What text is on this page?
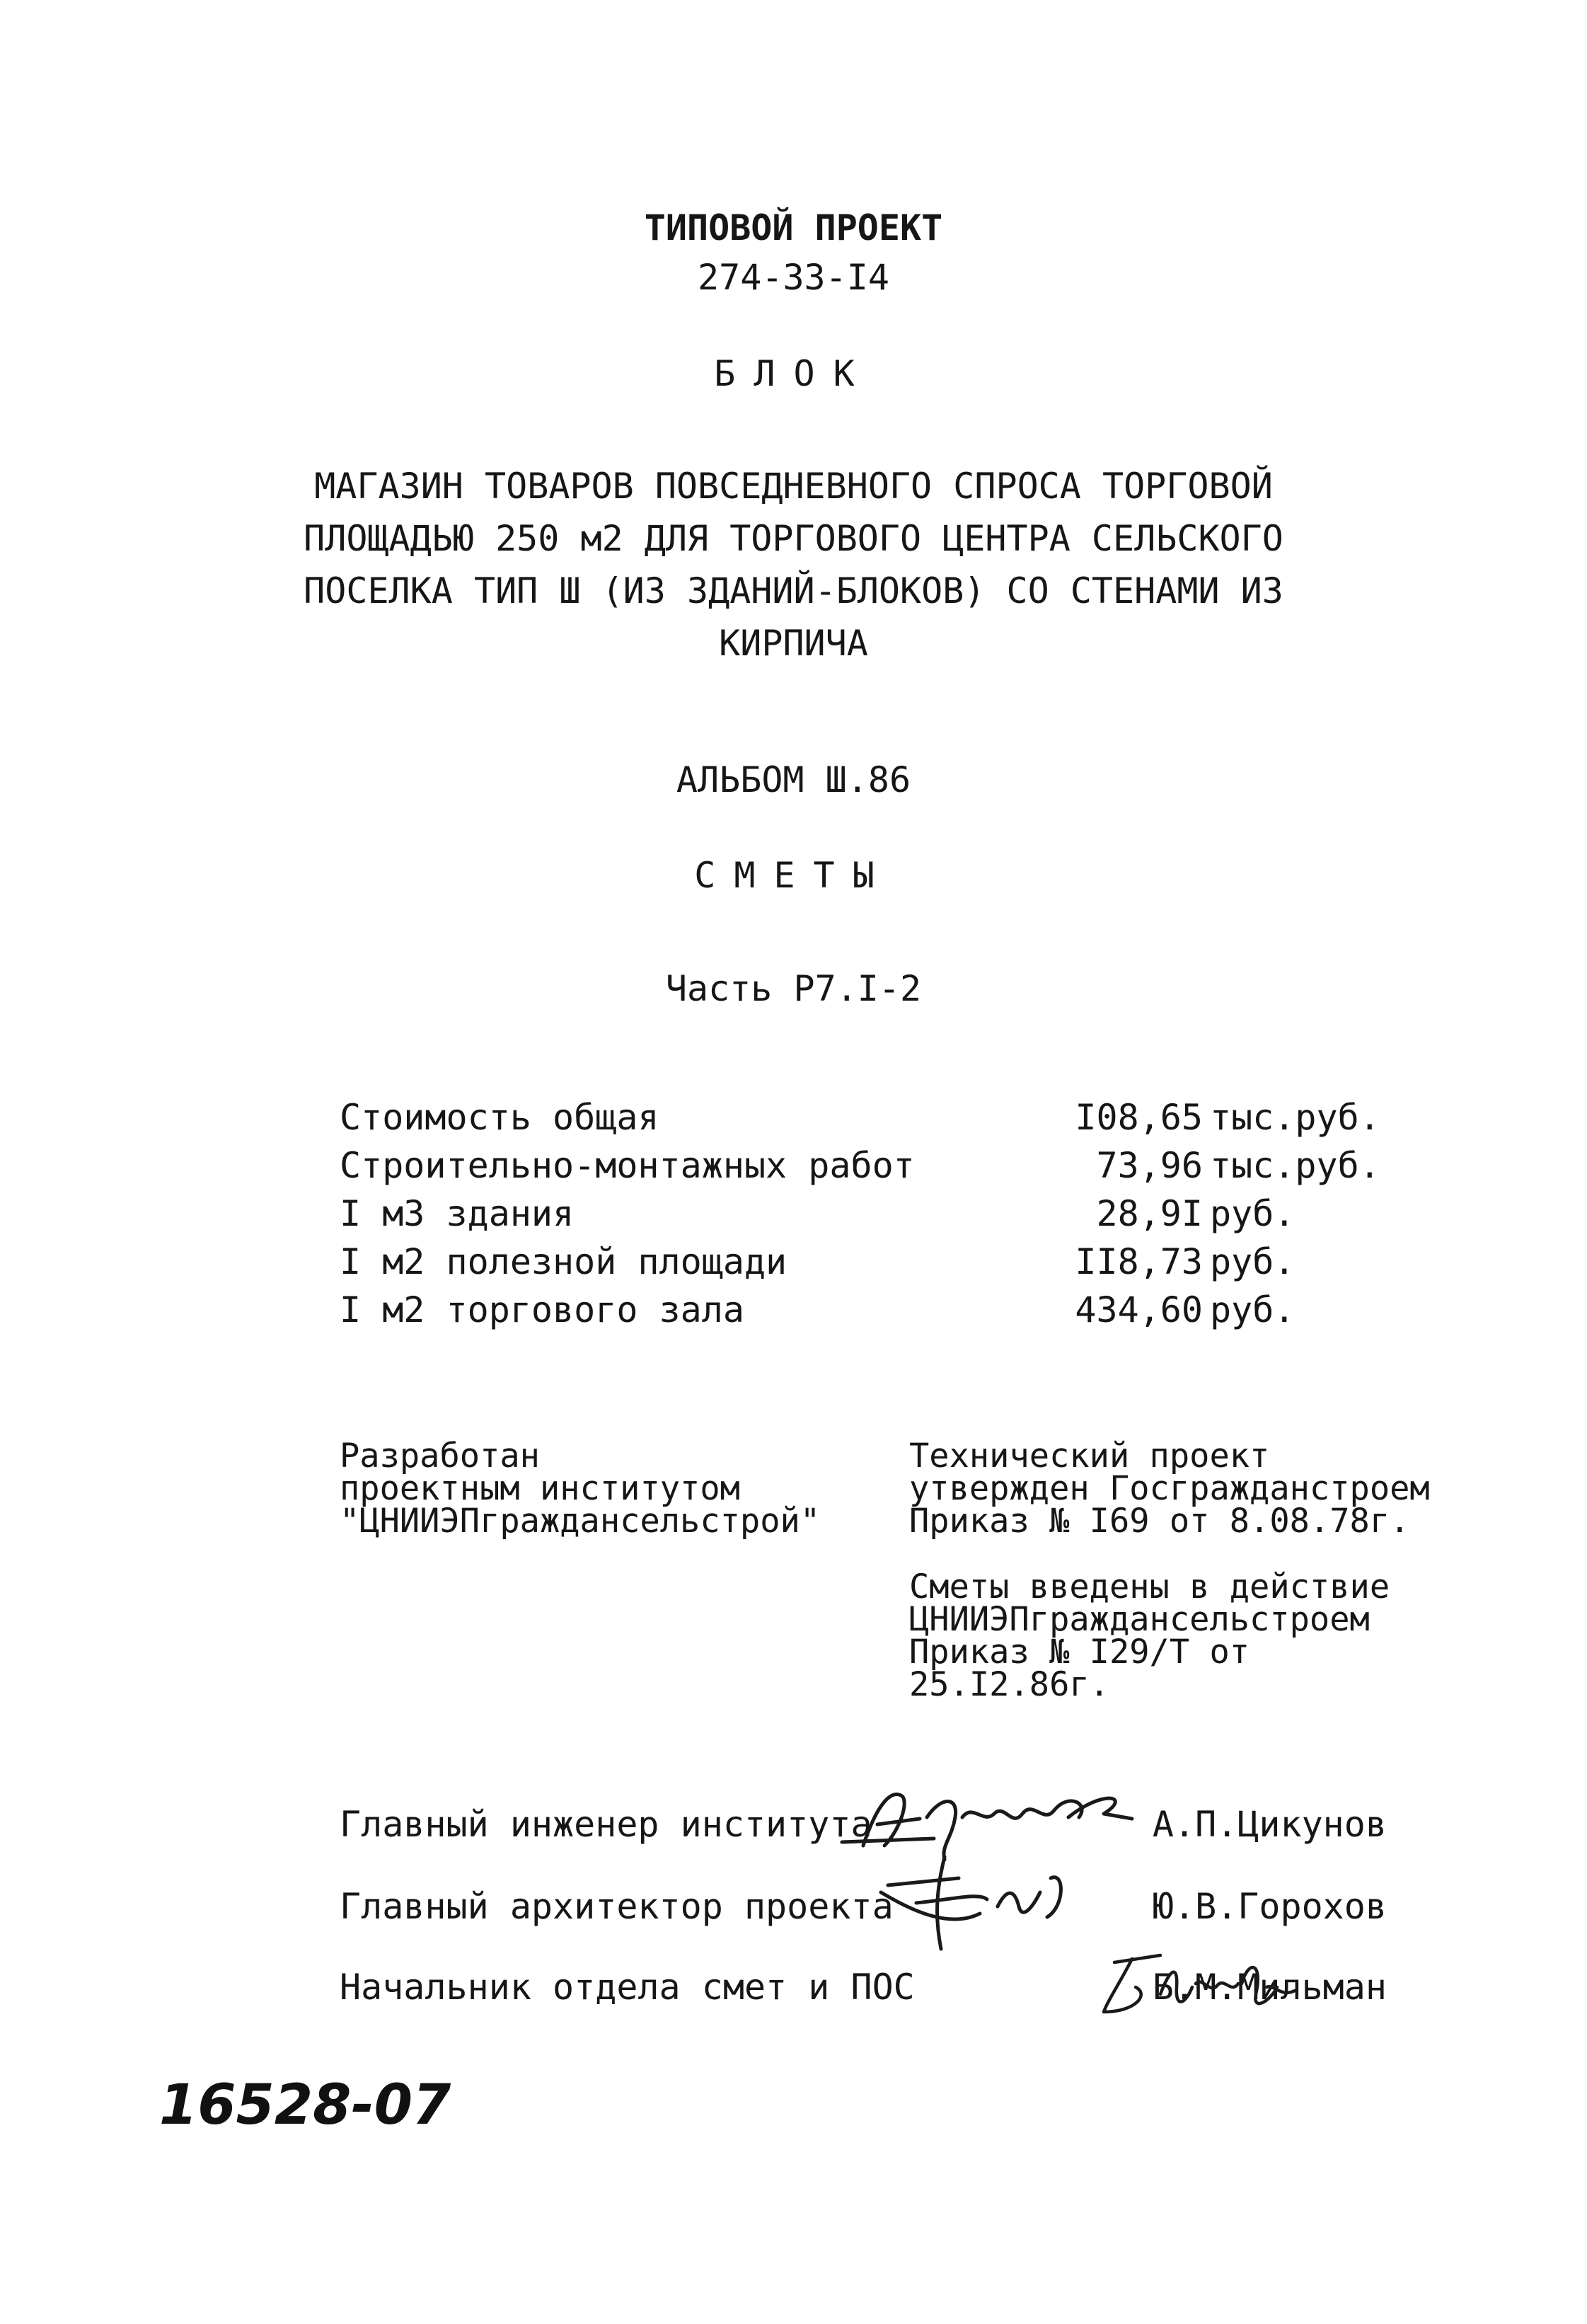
ТИПОВОЙ ПРОЕКТ
274-33-I4
БЛОК
МАГАЗИН ТОВАРОВ ПОВСЕДНЕВНОГО СПРОСА ТОРГОВОЙ
ПЛОЩАДЬЮ 250 м2 ДЛЯ ТОРГОВОГО ЦЕНТРА СЕЛЬСКОГО
ПОСЕЛКА ТИП Ш (ИЗ ЗДАНИЙ-БЛОКОВ) СО СТЕНАМИ ИЗ
КИРПИЧА
АЛЬБОМ Ш.86
СМЕТЫ
Часть Р7.I-2
Стоимость общая	I08,65 тыс.руб.
Строительно-монтажных работ	73,96 тыс.руб.
I м3 здания	28,9I руб.
I м2 полезной площади	II8,73 руб.
I м2 торгового зала	434,60 руб.
Разработан
проектным институтом
"ЦНИИЭПграждансельстрой"
Технический проект
утвержден Госгражданстроем
Приказ № I69 от 8.08.78г.
Сметы введены в действие
ЦНИИЭПграждансельстроем
Приказ № I29/Т от
25.I2.86г.
Главный инженер института	А.П.Цикунов
Главный архитектор проекта	Ю.В.Горохов
Начальник отдела смет и ПОС	Б.М.Мильман
16528-07
